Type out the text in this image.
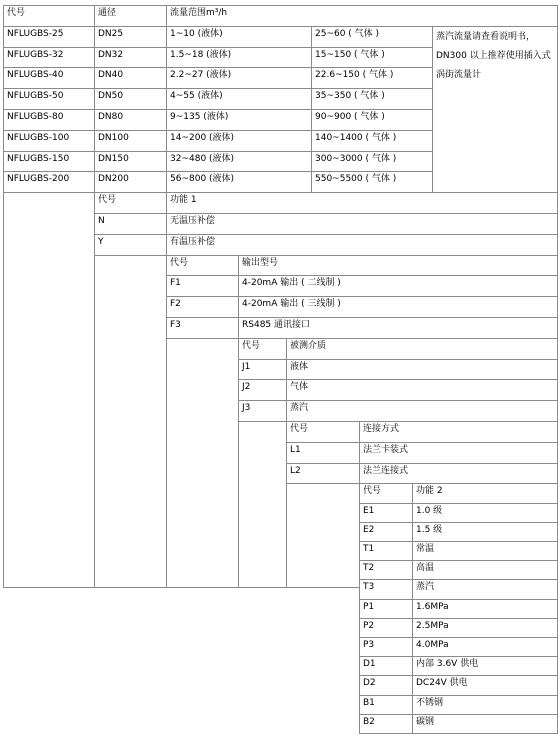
代号	通径	流量范围m³/h
NFLUGBS-25	DN25	1~10 (液体)	25~60 ( 气体 )
NFLUGBS-32	DN32	1.5~18 (液体)	15~150 ( 气体 )
NFLUGBS-40	DN40	2.2~27 (液体)	22.6~150 ( 气体 )
NFLUGBS-50	DN50	4~55 (液体)	35~350 ( 气体 )
NFLUGBS-80	DN80	9~135 (液体)	90~900 ( 气体 )
NFLUGBS-100	DN100	14~200 (液体)	140~1400 ( 气体 )
NFLUGBS-150	DN150	32~480 (液体)	300~3000 ( 气体 )
NFLUGBS-200	DN200	56~800 (液体)	550~5500 ( 气体 )
蒸汽流量请查看说明书，DN300 以上推荐使用插入式涡街流量计
代号	功能 1
N	无温压补偿
Y	有温压补偿
代号	输出型号
F1	4-20mA 输出 ( 二线制 )
F2	4-20mA 输出 ( 三线制 )
F3	RS485 通讯接口
代号	被测介质
J1	液体
J2	气体
J3	蒸汽
代号	连接方式
L1	法兰卡装式
L2	法兰连接式
代号	功能 2
E1	1.0 级
E2	1.5 级
T1	常温
T2	高温
T3	蒸汽
P1	1.6MPa
P2	2.5MPa
P3	4.0MPa
D1	内部 3.6V 供电
D2	DC24V 供电
B1	不锈钢
B2	碳钢
